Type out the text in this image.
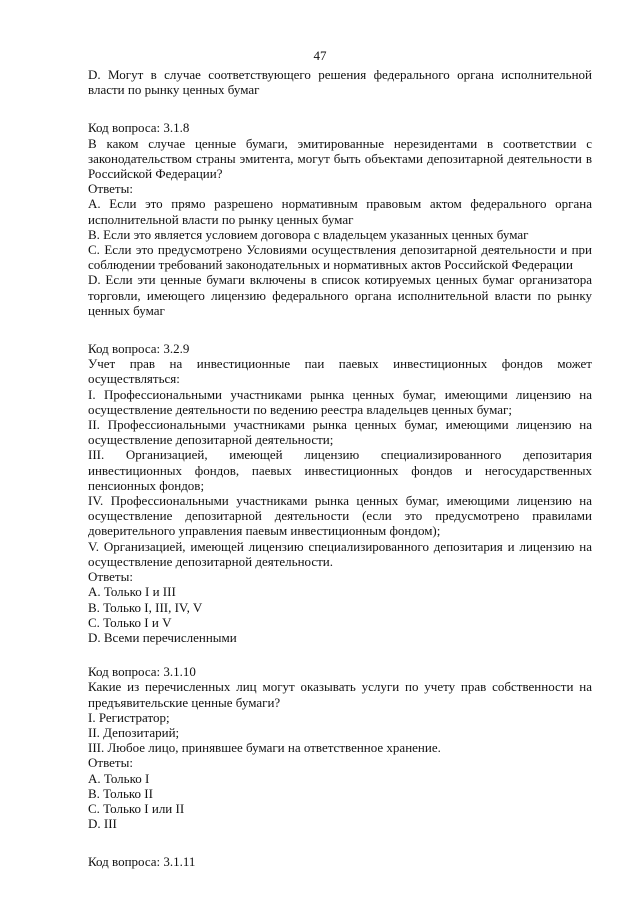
47
D. Могут в случае соответствующего решения федерального органа исполнительной
власти по рынку ценных бумаг
Код вопроса: 3.1.8
В каком случае ценные бумаги, эмитированные нерезидентами в соответствии с
законодательством страны эмитента, могут быть объектами депозитарной деятельности в
Российской Федерации?
Ответы:
A. Если это прямо разрешено нормативным правовым актом федерального органа
исполнительной власти по рынку ценных бумаг
B. Если это является условием договора с владельцем указанных ценных бумаг
C. Если это предусмотрено Условиями осуществления депозитарной деятельности и при
соблюдении требований законодательных и нормативных актов Российской Федерации
D. Если эти ценные бумаги включены в список котируемых ценных бумаг организатора
торговли, имеющего лицензию федерального органа исполнительной власти по рынку
ценных бумаг
Код вопроса: 3.2.9
Учет прав на инвестиционные паи паевых инвестиционных фондов может
осуществляться:
I. Профессиональными участниками рынка ценных бумаг, имеющими лицензию на
осуществление деятельности по ведению реестра владельцев ценных бумаг;
II. Профессиональными участниками рынка ценных бумаг, имеющими лицензию на
осуществление депозитарной деятельности;
III. Организацией, имеющей лицензию специализированного депозитария
инвестиционных фондов, паевых инвестиционных фондов и негосударственных
пенсионных фондов;
IV. Профессиональными участниками рынка ценных бумаг, имеющими лицензию на
осуществление депозитарной деятельности (если это предусмотрено правилами
доверительного управления паевым инвестиционным фондом);
V. Организацией, имеющей лицензию специализированного депозитария и лицензию на
осуществление депозитарной деятельности.
Ответы:
A. Только I и III
B. Только I, III, IV, V
C. Только I и V
D. Всеми перечисленными
Код вопроса: 3.1.10
Какие из перечисленных лиц могут оказывать услуги по учету прав собственности на
предъявительские ценные бумаги?
I. Регистратор;
II. Депозитарий;
III. Любое лицо, принявшее бумаги на ответственное хранение.
Ответы:
A. Только I
B. Только II
C. Только I или II
D. III
Код вопроса: 3.1.11
